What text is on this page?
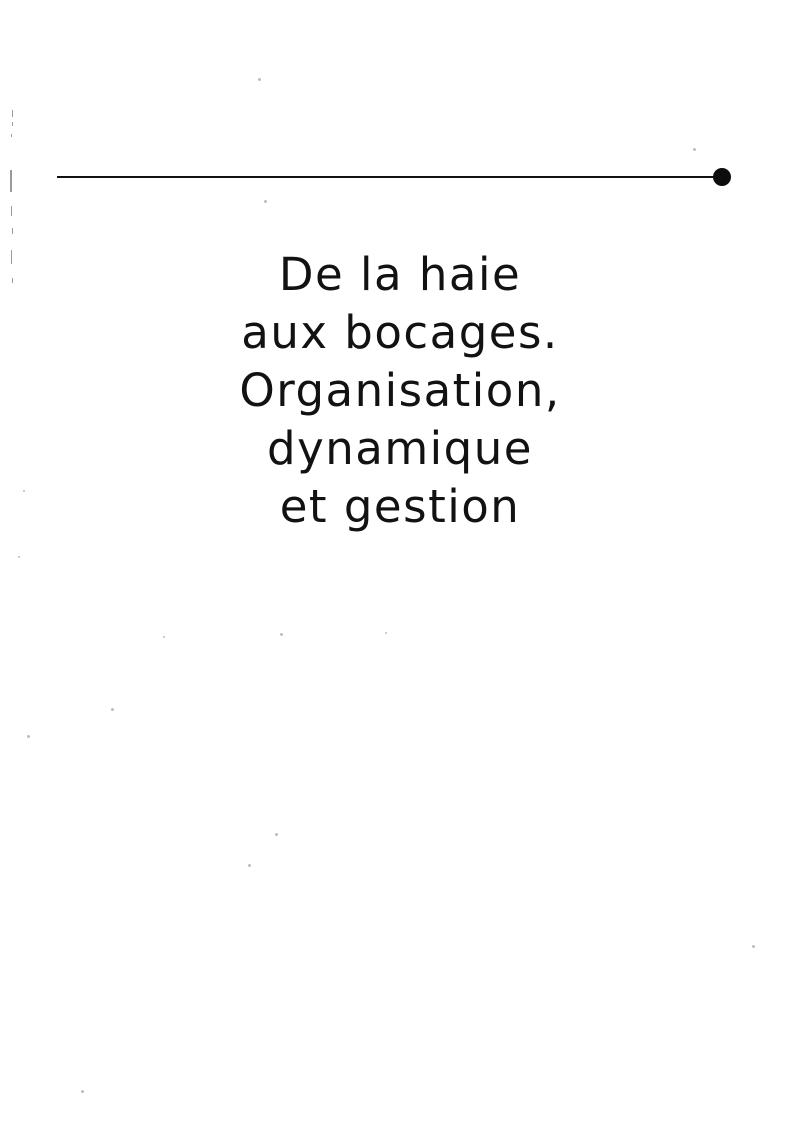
De la haie
aux bocages.
Organisation,
dynamique
et gestion
